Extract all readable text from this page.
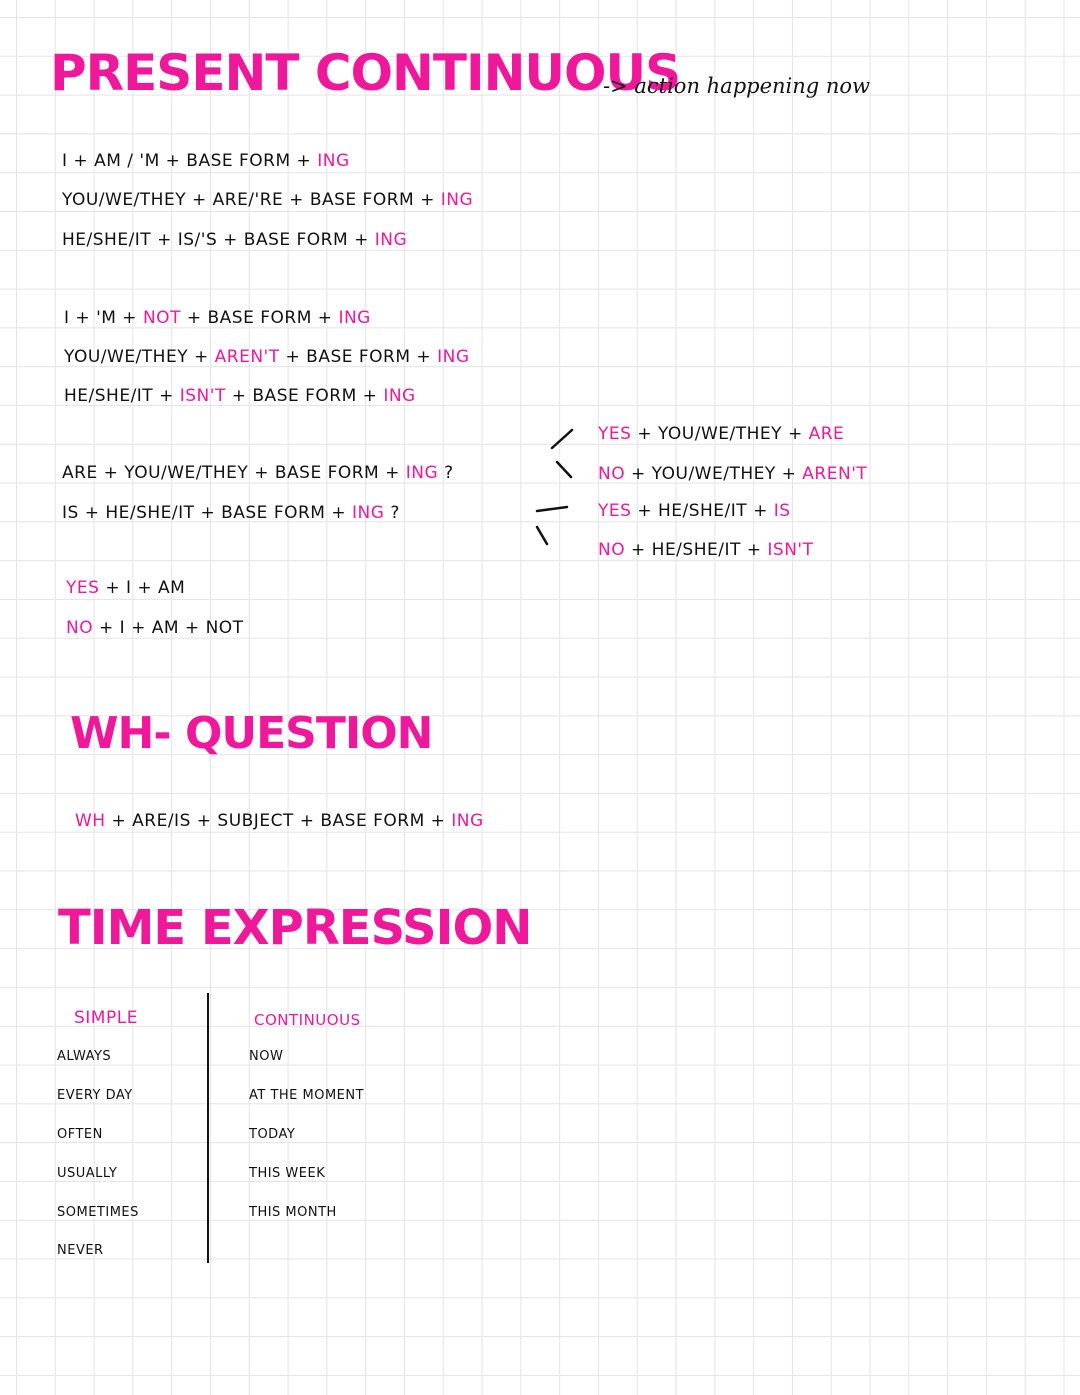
PRESENT CONTINUOUS
-> action happening now
I + AM / 'M + BASE FORM + ING
YOU/WE/THEY + ARE/'RE + BASE FORM + ING
HE/SHE/IT + IS/'S + BASE FORM + ING
I + 'M + NOT + BASE FORM + ING
YOU/WE/THEY + AREN'T + BASE FORM + ING
HE/SHE/IT + ISN'T + BASE FORM + ING
ARE + YOU/WE/THEY + BASE FORM + ING ?
IS + HE/SHE/IT + BASE FORM + ING ?
YES + YOU/WE/THEY + ARE
NO + YOU/WE/THEY + AREN'T
YES + HE/SHE/IT + IS
NO + HE/SHE/IT + ISN'T
YES + I + AM
NO + I + AM + NOT
WH- QUESTION
WH + ARE/IS + SUBJECT + BASE FORM + ING
TIME EXPRESSION
SIMPLE	CONTINUOUS
ALWAYS
EVERY DAY
OFTEN
USUALLY
SOMETIMES
NEVER
NOW
AT THE MOMENT
TODAY
THIS WEEK
THIS MONTH
